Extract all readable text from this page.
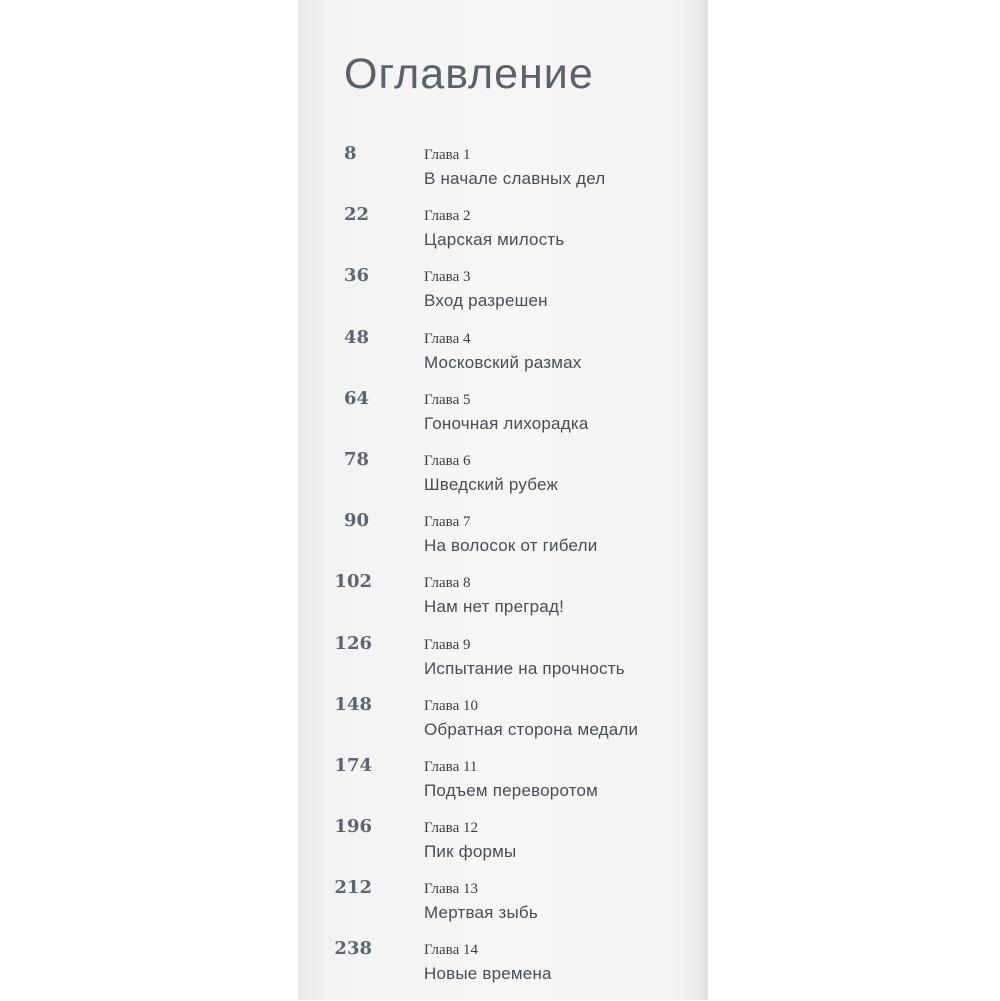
Оглавление
8	Глава 1
В начале славных дел
22	Глава 2
Царская милость
36	Глава 3
Вход разрешен
48	Глава 4
Московский размах
64	Глава 5
Гоночная лихорадка
78	Глава 6
Шведский рубеж
90	Глава 7
На волосок от гибели
102	Глава 8
Нам нет преград!
126	Глава 9
Испытание на прочность
148	Глава 10
Обратная сторона медали
174	Глава 11
Подъем переворотом
196	Глава 12
Пик формы
212	Глава 13
Мертвая зыбь
238	Глава 14
Новые времена
